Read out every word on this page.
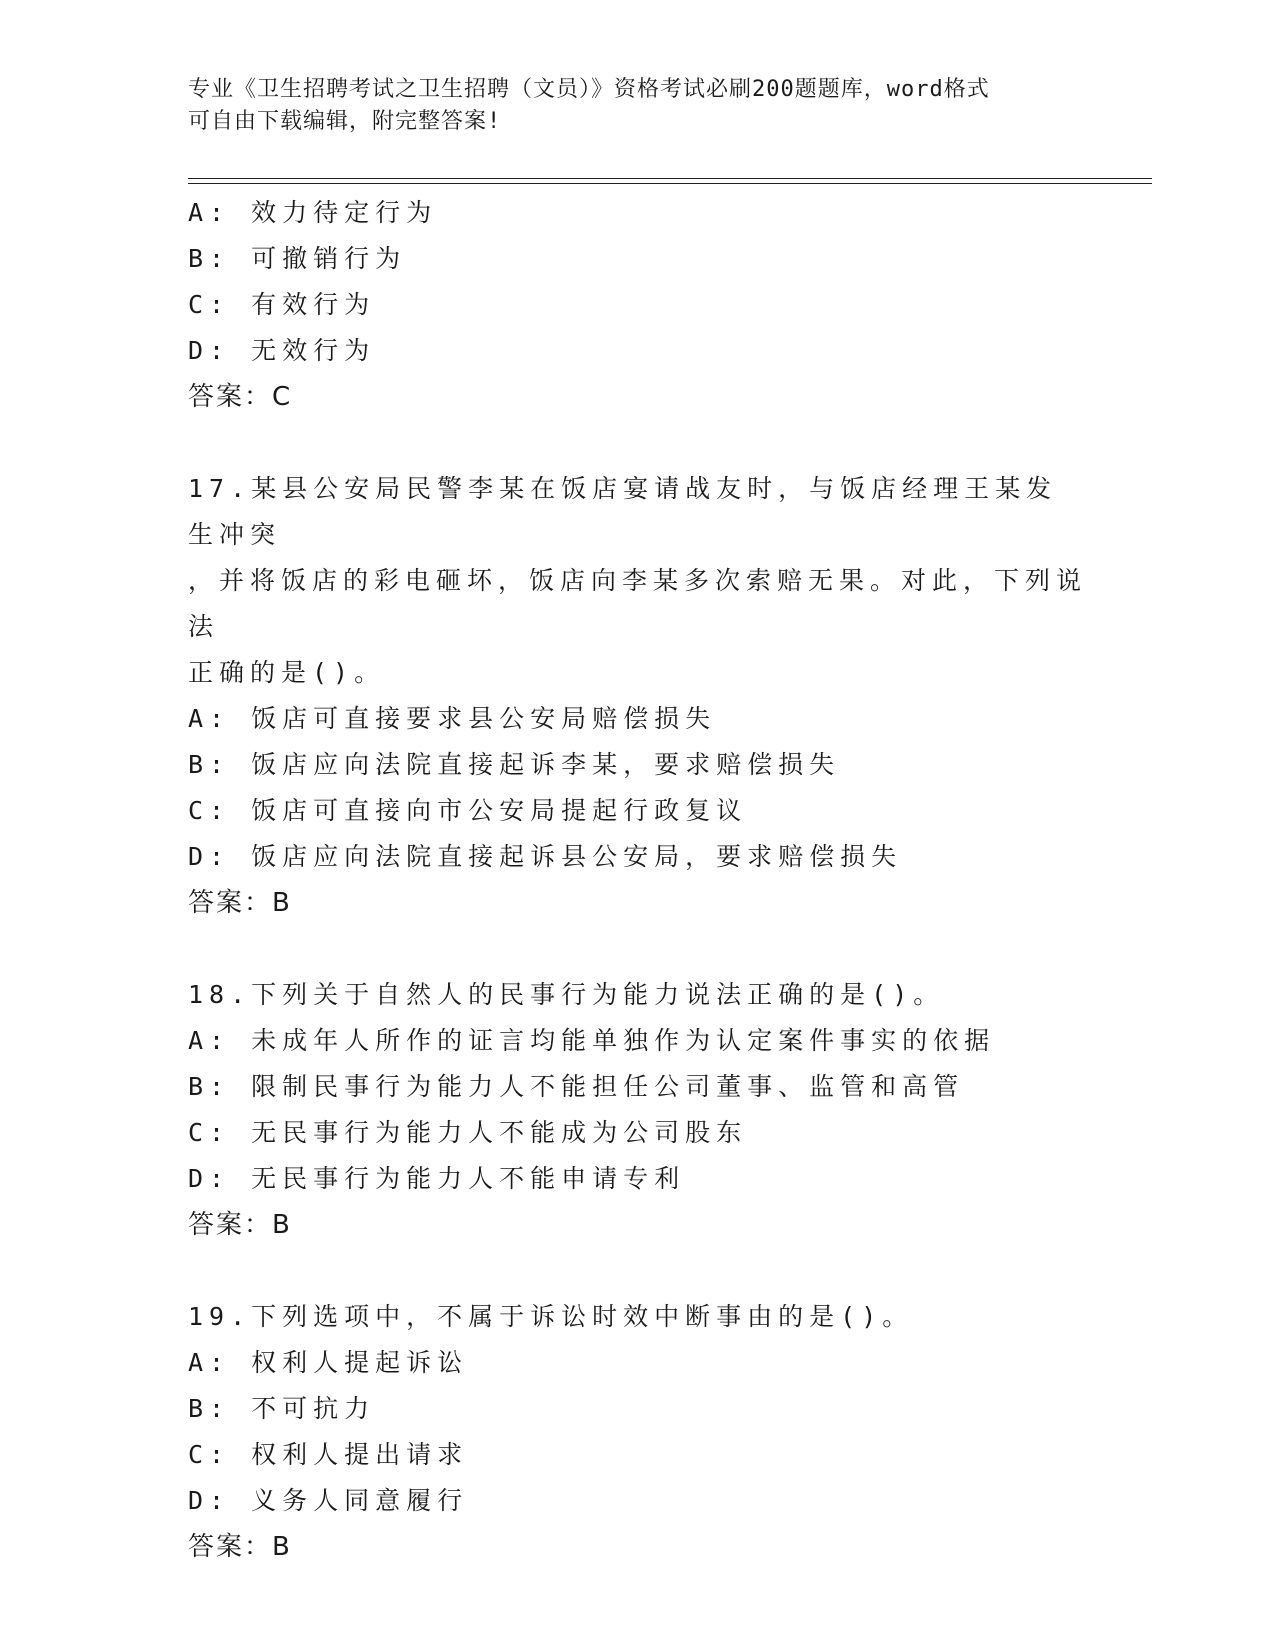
专业《卫生招聘考试之卫生招聘（文员）》资格考试必刷200题题库，word格式
可自由下载编辑，附完整答案!
A: 效力待定行为
B: 可撤销行为
C: 有效行为
D: 无效行为
答案：C
17.某县公安局民警李某在饭店宴请战友时，与饭店经理王某发生冲突
，并将饭店的彩电砸坏，饭店向李某多次索赔无果。对此，下列说法
正确的是()。
A: 饭店可直接要求县公安局赔偿损失
B: 饭店应向法院直接起诉李某，要求赔偿损失
C: 饭店可直接向市公安局提起行政复议
D: 饭店应向法院直接起诉县公安局，要求赔偿损失
答案：B
18.下列关于自然人的民事行为能力说法正确的是()。
A: 未成年人所作的证言均能单独作为认定案件事实的依据
B: 限制民事行为能力人不能担任公司董事、监管和高管
C: 无民事行为能力人不能成为公司股东
D: 无民事行为能力人不能申请专利
答案：B
19.下列选项中，不属于诉讼时效中断事由的是()。
A: 权利人提起诉讼
B: 不可抗力
C: 权利人提出请求
D: 义务人同意履行
答案：B
